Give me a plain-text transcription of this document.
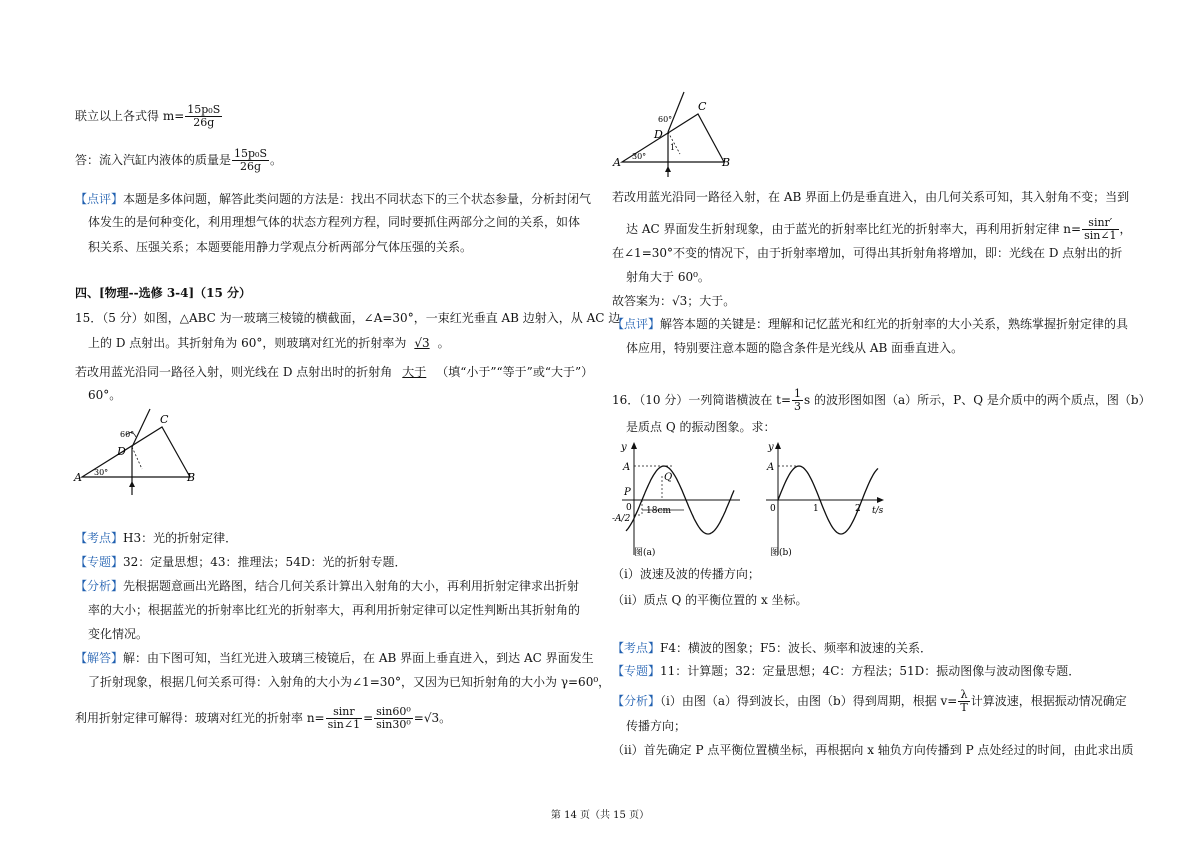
联立以上各式得 $m= \frac{\text{15p₀S}}{26g}$
答：流入汽缸内液体的质量是 $\frac{\text{15p₀S}}{26g}$ 。
【点评】本题是多体问题，解答此类问题的方法是：找出不同状态下的三个状态参量，分析封闭气
体发生的是何种变化，利用理想气体的状态方程列方程，同时要抓住两部分之间的关系，如体
积关系、压强关系；本题要能用静力学观点分析两部分气体压强的关系。
四、[物理--选修 3-4]（15 分）
15．（5 分）如图，△ABC 为一玻璃三棱镜的横截面，∠A=30°，一束红光垂直 AB 边射入，从 AC 边
上的 D 点射出。其折射角为 60°，则玻璃对红光的折射率为 √3 。
若改用蓝光沿同一路径入射，则光线在 D 点射出时的折射角 大于 （填“小于”“等于”或“大于”）
60°。
A	B
C
D
30°
60°
【考点】H3：光的折射定律．
【专题】32：定量思想；43：推理法；54D：光的折射专题．
【分析】先根据题意画出光路图，结合几何关系计算出入射角的大小，再利用折射定律求出折射
率的大小；根据蓝光的折射率比红光的折射率大，再利用折射定律可以定性判断出其折射角的
变化情况。
【解答】解：由下图可知，当红光进入玻璃三棱镜后，在 AB 界面上垂直进入，到达 AC 界面发生
了折射现象，根据几何关系可得：入射角的大小为∠1=30°，又因为已知折射角的大小为 γ=60⁰，
利用折射定律可解得：玻璃对红光的折射率 $n= \frac{\sin r}{\sin\angle 1} = \frac{\text{sin60⁰}}{\text{sin30⁰}} =√3$。
A	B
C
D
30°
60°
1
若改用蓝光沿同一路径入射，在 AB 界面上仍是垂直进入，由几何关系可知，其入射角不变；当到
达 AC 界面发生折射现象，由于蓝光的折射率比红光的折射率大，再利用折射定律 $n= \frac{\sin r'}{\sin\angle 1}$ ，
在∠1=30°不变的情况下，由于折射率增加，可得出其折射角将增加，即：光线在 D 点射出的折
射角大于 60⁰。
故答案为：√3；大于。
【点评】解答本题的关键是：理解和记忆蓝光和红光的折射率的大小关系，熟练掌握折射定律的具
体应用，特别要注意本题的隐含条件是光线从 AB 面垂直进入。
16．（10 分）一列简谐横波在 $t= \frac{1}{3}$ s 的波形图如图（a）所示，P、Q 是介质中的两个质点，图（b）
是质点 Q 的振动图象。求：
y
A
P
Q
0
-A/2
18cm
图(a)
y
A
0	1	2 t/s
图(b)
（i）波速及波的传播方向；
（ii）质点 Q 的平衡位置的 x 坐标。
【考点】F4：横波的图象；F5：波长、频率和波速的关系．
【专题】11：计算题；32：定量思想；4C：方程法；51D：振动图像与波动图像专题．
【分析】（i）由图（a）得到波长，由图（b）得到周期，根据 $v= \frac{\lambda}{T}$ 计算波速，根据振动情况确定
传播方向；
（ii）首先确定 P 点平衡位置横坐标，再根据向 x 轴负方向传播到 P 点处经过的时间，由此求出质
第 14 页（共 15 页）
